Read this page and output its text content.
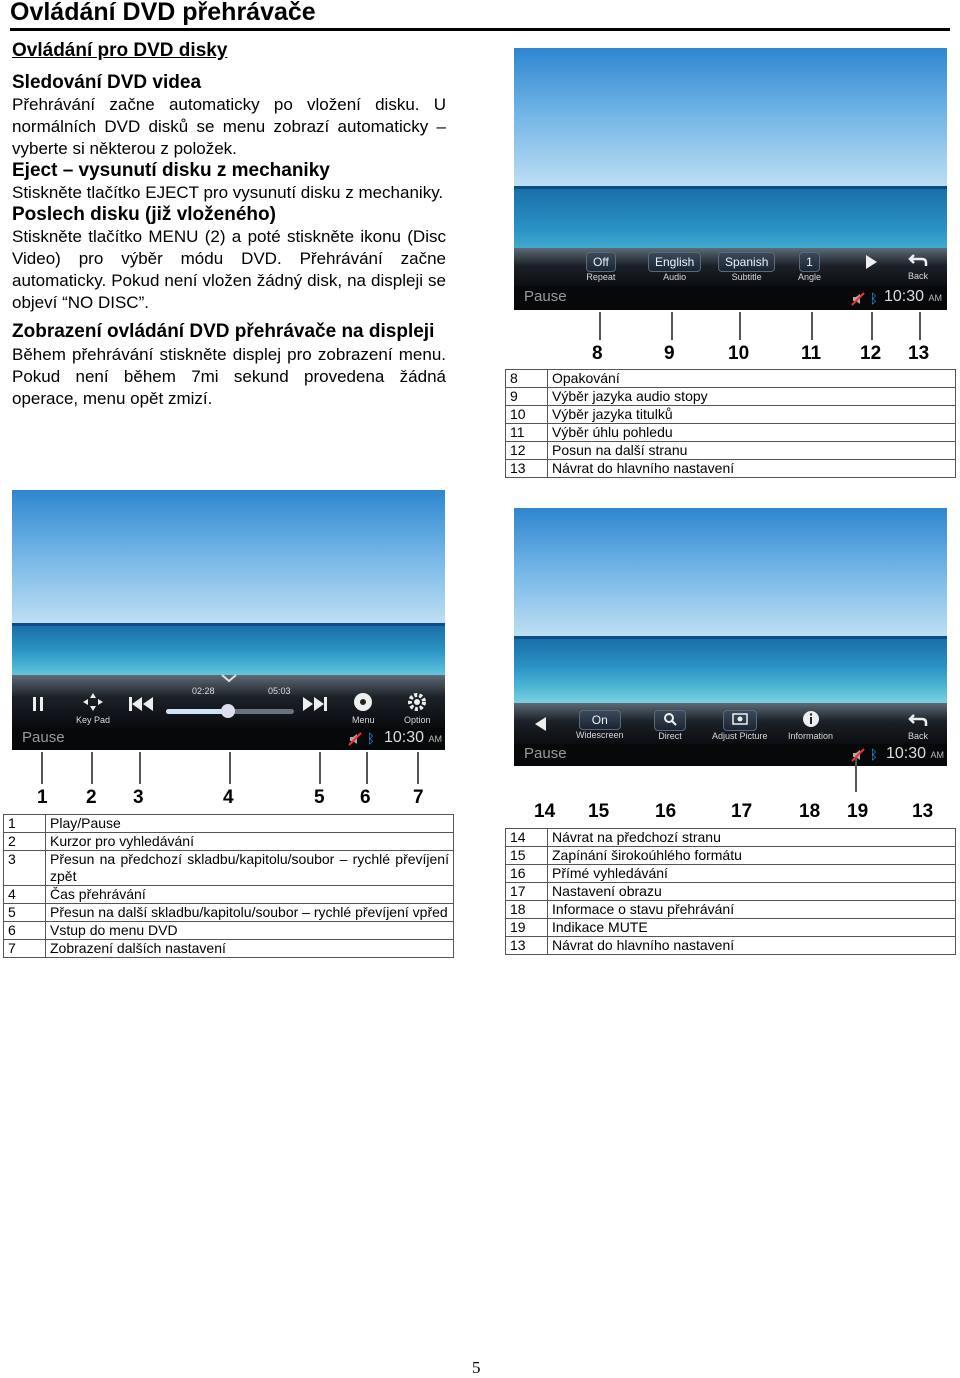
Ovládání DVD přehrávače
Ovládání pro DVD disky

Sledování DVD videa

Přehrávání začne automaticky po vložení disku. U normálních DVD disků se menu zobrazí automaticky – vyberte si některou z položek.

Eject – vysunutí disku z mechaniky

Stiskněte tlačítko EJECT pro vysunutí disku z mechaniky.

Poslech disku (již vloženého)

Stiskněte tlačítko MENU (2) a poté stiskněte ikonu (Disc Video) pro výběr módu DVD. Přehrávání začne automaticky. Pokud není vložen žádný disk, na displeji se objeví “NO DISC”.

Zobrazení ovládání DVD přehrávače na displeji

Během přehrávání stiskněte displej pro zobrazení menu. Pokud není během 7mi sekund provedena žádná operace, menu opět zmizí.

Off
Repeat
English
Audio
Spanish
Subtitle
1
Angle	Back
Pause	ᛒ 10:30 AM
8	9	10	11 12 13
8	Opakování
9	Výběr jazyka audio stopy
10	Výběr jazyka titulků
11	Výběr úhlu pohledu
12	Posun na další stranu
13	Návrat do hlavního nastavení
Key Pad
02:28	05:03
Menu	Option
Pause	ᛒ 10:30 AM
1 2 3	4	5 6 7
1	Play/Pause
2	Kurzor pro vyhledávání
3	Přesun na předchozí skladbu/kapitolu/soubor – rychlé převíjení zpět
4	Čas přehrávání
5	Přesun na další skladbu/kapitolu/soubor – rychlé převíjení vpřed
6	Vstup do menu DVD
7	Zobrazení dalších nastavení
On
Widescreen	Direct	Adjust Picture Information	Back
Pause	ᛒ 10:30 AM
14 15 16	17 18 19 13
14	Návrat na předchozí stranu
15	Zapínání širokoúhlého formátu
16	Přímé vyhledávání
17	Nastavení obrazu
18	Informace o stavu přehrávání
19	Indikace MUTE
13	Návrat do hlavního nastavení
5
